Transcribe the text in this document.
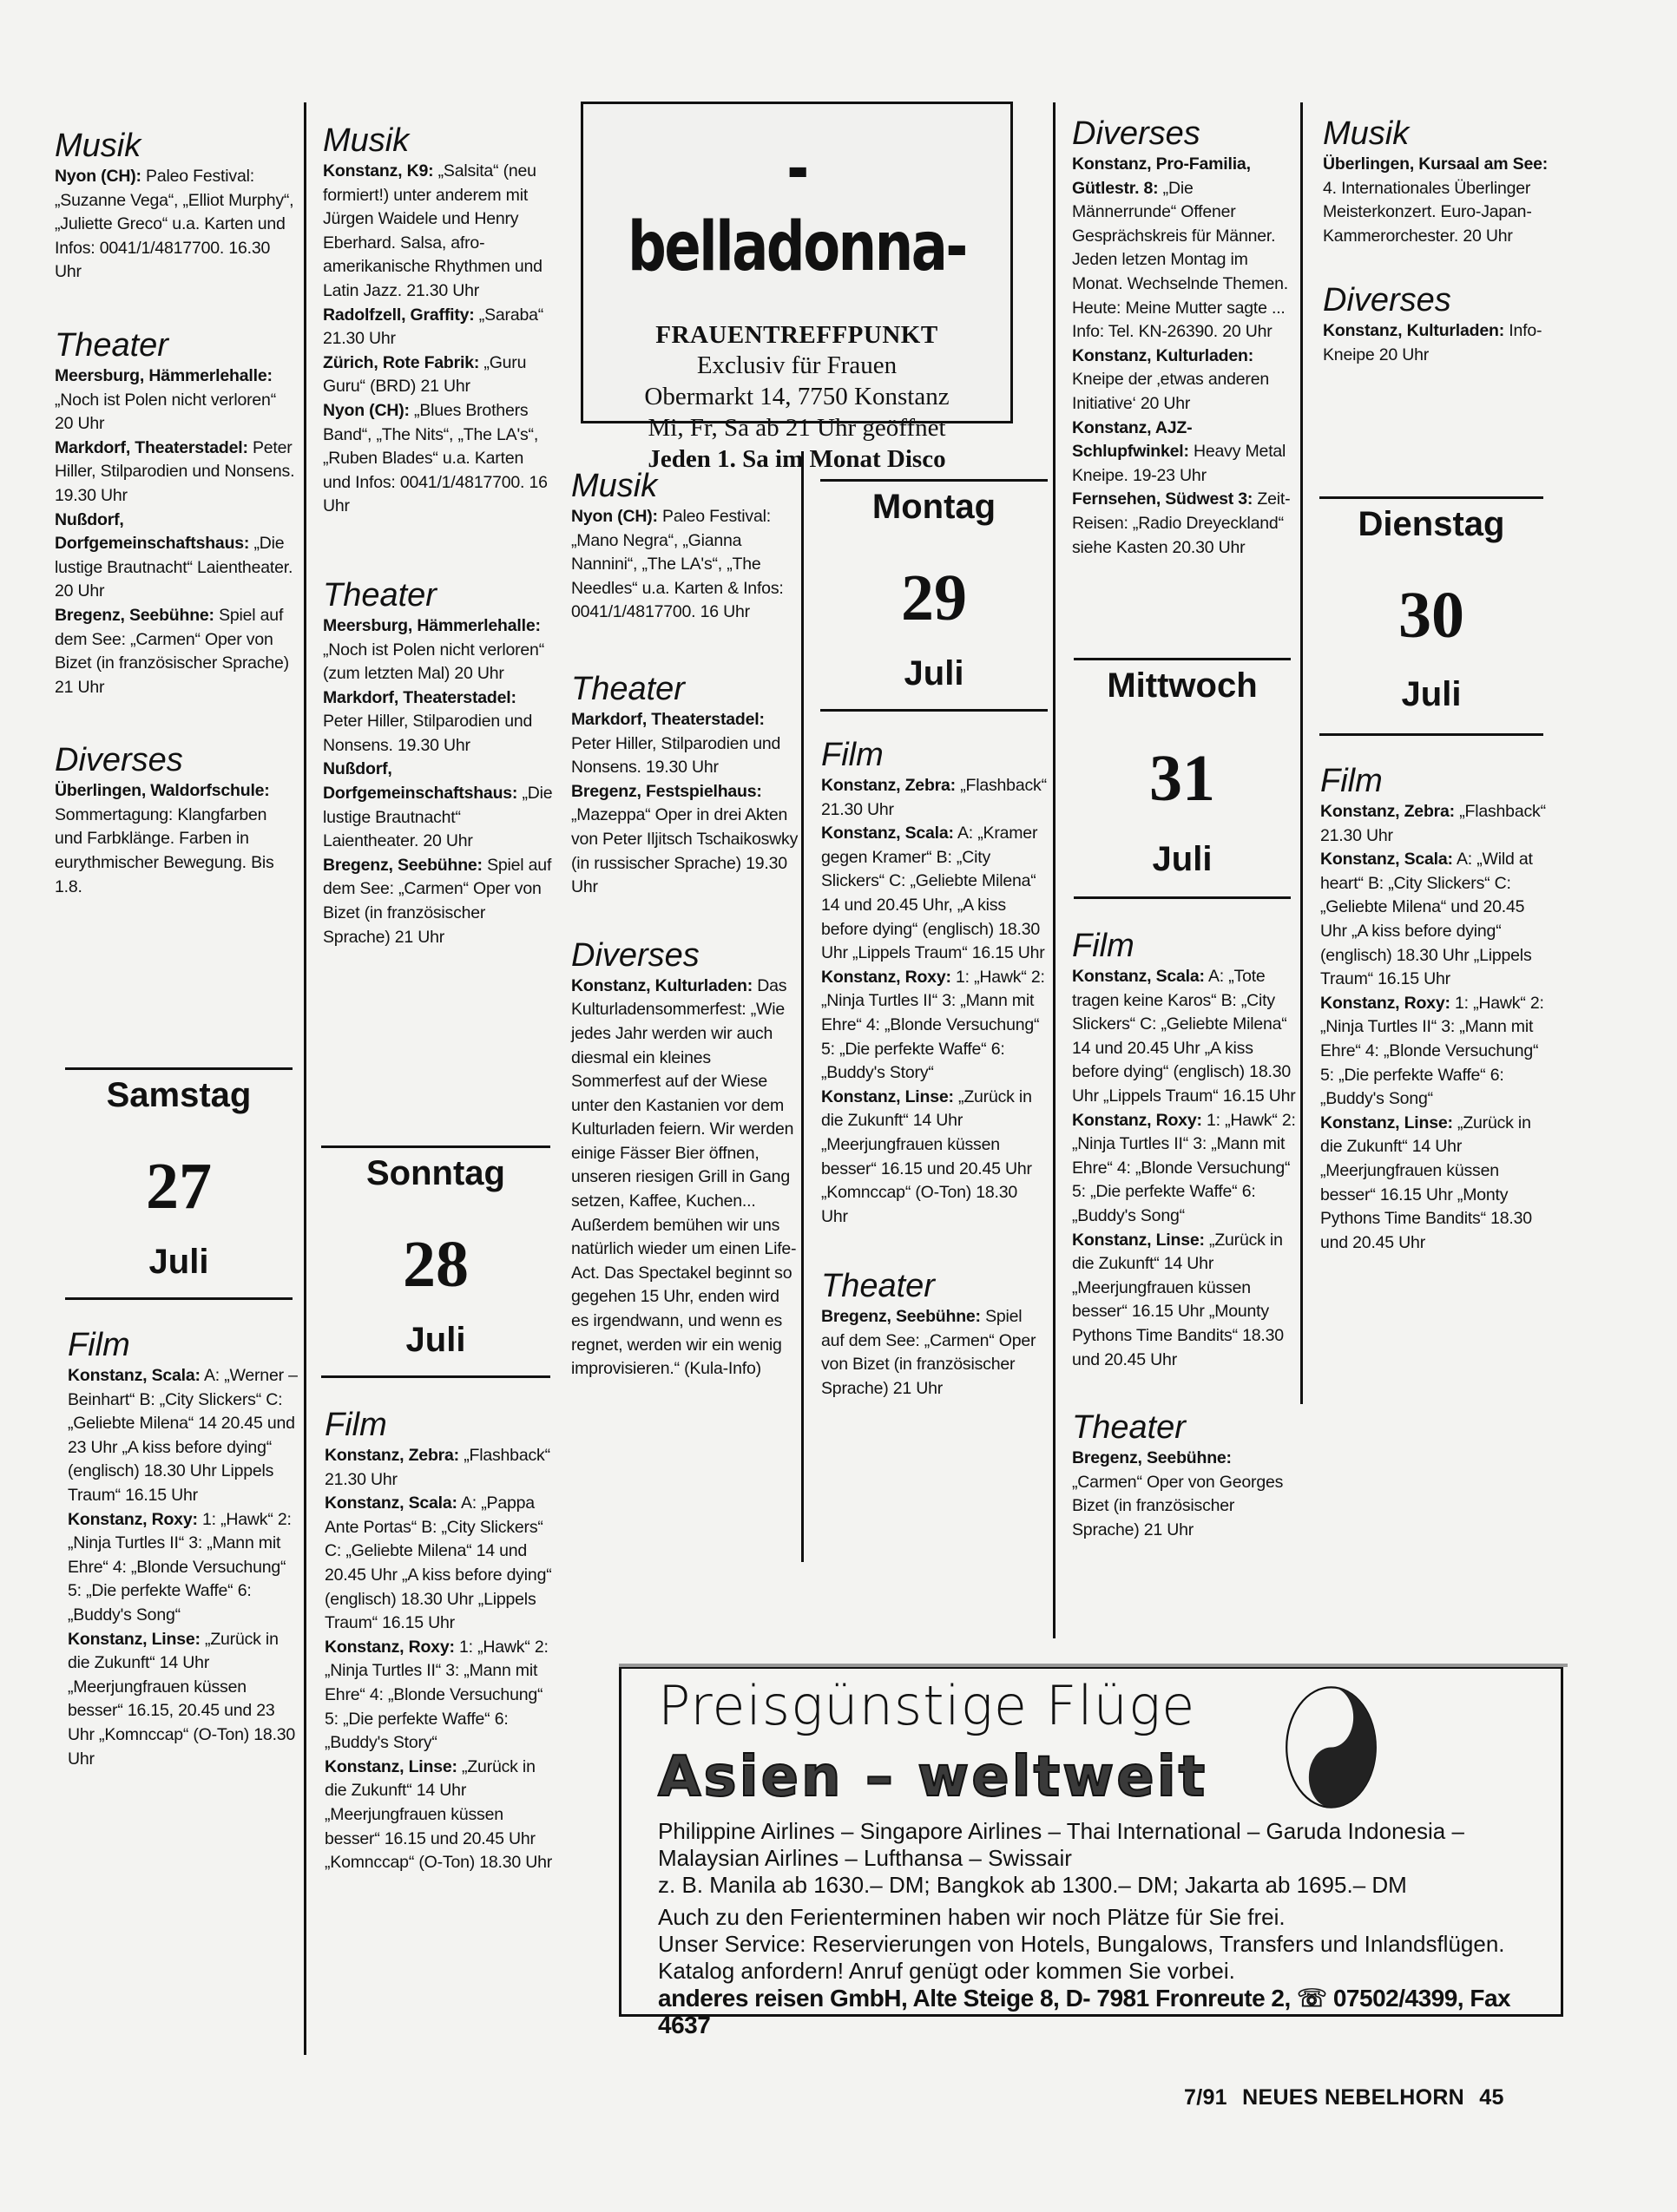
Musik
Nyon (CH): Paleo Festival: „Suzanne Vega“, „Elliot Murphy“, „Juliette Greco“ u.a. Karten und Infos: 0041/1/4817700. 16.30 Uhr
Theater
Meersburg, Hämmerlehalle: „Noch ist Polen nicht verloren“ 20 Uhr
Markdorf, Theaterstadel: Peter Hiller, Stilparodien und Nonsens. 19.30 Uhr
Nußdorf, Dorfgemeinschaftshaus: „Die lustige Brautnacht“ Laientheater. 20 Uhr
Bregenz, Seebühne: Spiel auf dem See: „Carmen“ Oper von Bizet (in französischer Sprache) 21 Uhr
Diverses
Überlingen, Waldorfschule: Sommertagung: Klangfarben und Farbklänge. Farben in eurythmischer Bewegung. Bis 1.8.
Samstag
27
Juli
Film
Konstanz, Scala: A: „Werner – Beinhart“ B: „City Slickers“ C: „Geliebte Milena“ 14 20.45 und 23 Uhr „A kiss before dying“ (englisch) 18.30 Uhr Lippels Traum“ 16.15 Uhr
Konstanz, Roxy: 1: „Hawk“ 2: „Ninja Turtles II“ 3: „Mann mit Ehre“ 4: „Blonde Versuchung“ 5: „Die perfekte Waffe“ 6: „Buddy's Song“
Konstanz, Linse: „Zurück in die Zukunft“ 14 Uhr „Meerjungfrauen küssen besser“ 16.15, 20.45 und 23 Uhr „Komnccap“ (O-Ton) 18.30 Uhr
Musik
Konstanz, K9: „Salsita“ (neu formiert!) unter anderem mit Jürgen Waidele und Henry Eberhard. Salsa, afro-amerikanische Rhythmen und Latin Jazz. 21.30 Uhr
Radolfzell, Graffity: „Saraba“ 21.30 Uhr
Zürich, Rote Fabrik: „Guru Guru“ (BRD) 21 Uhr
Nyon (CH): „Blues Brothers Band“, „The Nits“, „The LA's“, „Ruben Blades“ u.a. Karten und Infos: 0041/1/4817700. 16 Uhr
Theater
Meersburg, Hämmerlehalle: „Noch ist Polen nicht verloren“ (zum letzten Mal) 20 Uhr
Markdorf, Theaterstadel: Peter Hiller, Stilparodien und Nonsens. 19.30 Uhr
Nußdorf, Dorfgemeinschaftshaus: „Die lustige Brautnacht“ Laientheater. 20 Uhr
Bregenz, Seebühne: Spiel auf dem See: „Carmen“ Oper von Bizet (in französischer Sprache) 21 Uhr
Sonntag
28
Juli
Film
Konstanz, Zebra: „Flashback“ 21.30 Uhr
Konstanz, Scala: A: „Pappa Ante Portas“ B: „City Slickers“ C: „Geliebte Milena“ 14 und 20.45 Uhr „A kiss before dying“ (englisch) 18.30 Uhr „Lippels Traum“ 16.15 Uhr
Konstanz, Roxy: 1: „Hawk“ 2: „Ninja Turtles II“ 3: „Mann mit Ehre“ 4: „Blonde Versuchung“ 5: „Die perfekte Waffe“ 6: „Buddy's Story“
Konstanz, Linse: „Zurück in die Zukunft“ 14 Uhr „Meerjungfrauen küssen besser“ 16.15 und 20.45 Uhr „Komnccap“ (O-Ton) 18.30 Uhr
-belladonna-
FRAUENTREFFPUNKT
Exclusiv für Frauen
Obermarkt 14, 7750 Konstanz
Mi, Fr, Sa ab 21 Uhr geöffnet
Jeden 1. Sa im Monat Disco
Musik
Nyon (CH): Paleo Festival: „Mano Negra“, „Gianna Nannini“, „The LA's“, „The Needles“ u.a. Karten & Infos: 0041/1/4817700. 16 Uhr
Theater
Markdorf, Theaterstadel: Peter Hiller, Stilparodien und Nonsens. 19.30 Uhr
Bregenz, Festspielhaus: „Mazeppa“ Oper in drei Akten von Peter Iljitsch Tschaikoswky (in russischer Sprache) 19.30 Uhr
Diverses
Konstanz, Kulturladen: Das Kulturladensommerfest: „Wie jedes Jahr werden wir auch diesmal ein kleines Sommerfest auf der Wiese unter den Kastanien vor dem Kulturladen feiern. Wir werden einige Fässer Bier öffnen, unseren riesigen Grill in Gang setzen, Kaffee, Kuchen... Außerdem bemühen wir uns natürlich wieder um einen Life-Act. Das Spectakel beginnt so gegehen 15 Uhr, enden wird es irgendwann, und wenn es regnet, werden wir ein wenig improvisieren.“ (Kula-Info)
Montag
29
Juli
Film
Konstanz, Zebra: „Flashback“ 21.30 Uhr
Konstanz, Scala: A: „Kramer gegen Kramer“ B: „City Slickers“ C: „Geliebte Milena“ 14 und 20.45 Uhr, „A kiss before dying“ (englisch) 18.30 Uhr „Lippels Traum“ 16.15 Uhr
Konstanz, Roxy: 1: „Hawk“ 2: „Ninja Turtles II“ 3: „Mann mit Ehre“ 4: „Blonde Versuchung“ 5: „Die perfekte Waffe“ 6: „Buddy's Story“
Konstanz, Linse: „Zurück in die Zukunft“ 14 Uhr „Meerjungfrauen küssen besser“ 16.15 und 20.45 Uhr „Komnccap“ (O-Ton) 18.30 Uhr
Theater
Bregenz, Seebühne: Spiel auf dem See: „Carmen“ Oper von Bizet (in französischer Sprache) 21 Uhr
Diverses
Konstanz, Pro-Familia, Gütlestr. 8: „Die Männerrunde“ Offener Gesprächskreis für Männer. Jeden letzen Montag im Monat. Wechselnde Themen. Heute: Meine Mutter sagte ... Info: Tel. KN-26390. 20 Uhr
Konstanz, Kulturladen: Kneipe der ‚etwas anderen Initiative‘ 20 Uhr
Konstanz, AJZ-Schlupfwinkel: Heavy Metal Kneipe. 19-23 Uhr
Fernsehen, Südwest 3: Zeit-Reisen: „Radio Dreyeckland“ siehe Kasten 20.30 Uhr
Mittwoch
31
Juli
Film
Konstanz, Scala: A: „Tote tragen keine Karos“ B: „City Slickers“ C: „Geliebte Milena“ 14 und 20.45 Uhr „A kiss before dying“ (englisch) 18.30 Uhr „Lippels Traum“ 16.15 Uhr
Konstanz, Roxy: 1: „Hawk“ 2: „Ninja Turtles II“ 3: „Mann mit Ehre“ 4: „Blonde Versuchung“ 5: „Die perfekte Waffe“ 6: „Buddy's Song“
Konstanz, Linse: „Zurück in die Zukunft“ 14 Uhr „Meerjungfrauen küssen besser“ 16.15 Uhr „Mounty Pythons Time Bandits“ 18.30 und 20.45 Uhr
Theater
Bregenz, Seebühne: „Carmen“ Oper von Georges Bizet (in französischer Sprache) 21 Uhr
Musik
Überlingen, Kursaal am See: 4. Internationales Überlinger Meisterkonzert. Euro-Japan-Kammerorchester. 20 Uhr
Diverses
Konstanz, Kulturladen: Info-Kneipe 20 Uhr
Dienstag
30
Juli
Film
Konstanz, Zebra: „Flashback“ 21.30 Uhr
Konstanz, Scala: A: „Wild at heart“ B: „City Slickers“ C: „Geliebte Milena“ und 20.45 Uhr „A kiss before dying“ (englisch) 18.30 Uhr „Lippels Traum“ 16.15 Uhr
Konstanz, Roxy: 1: „Hawk“ 2: „Ninja Turtles II“ 3: „Mann mit Ehre“ 4: „Blonde Versuchung“ 5: „Die perfekte Waffe“ 6: „Buddy's Song“
Konstanz, Linse: „Zurück in die Zukunft“ 14 Uhr „Meerjungfrauen küssen besser“ 16.15 Uhr „Monty Pythons Time Bandits“ 18.30 und 20.45 Uhr
Preisgünstige Flüge
Asien – weltweit
Philippine Airlines – Singapore Airlines – Thai International – Garuda Indonesia – Malaysian Airlines – Lufthansa – Swissair
z. B. Manila ab 1630.– DM; Bangkok ab 1300.– DM; Jakarta ab 1695.– DM
Auch zu den Ferienterminen haben wir noch Plätze für Sie frei.
Unser Service: Reservierungen von Hotels, Bungalows, Transfers und Inlandsflügen. Katalog anfordern! Anruf genügt oder kommen Sie vorbei.
anderes reisen GmbH, Alte Steige 8, D- 7981 Fronreute 2, ☏ 07502/4399, Fax 4637
7/91 NEUES NEBELHORN 45
